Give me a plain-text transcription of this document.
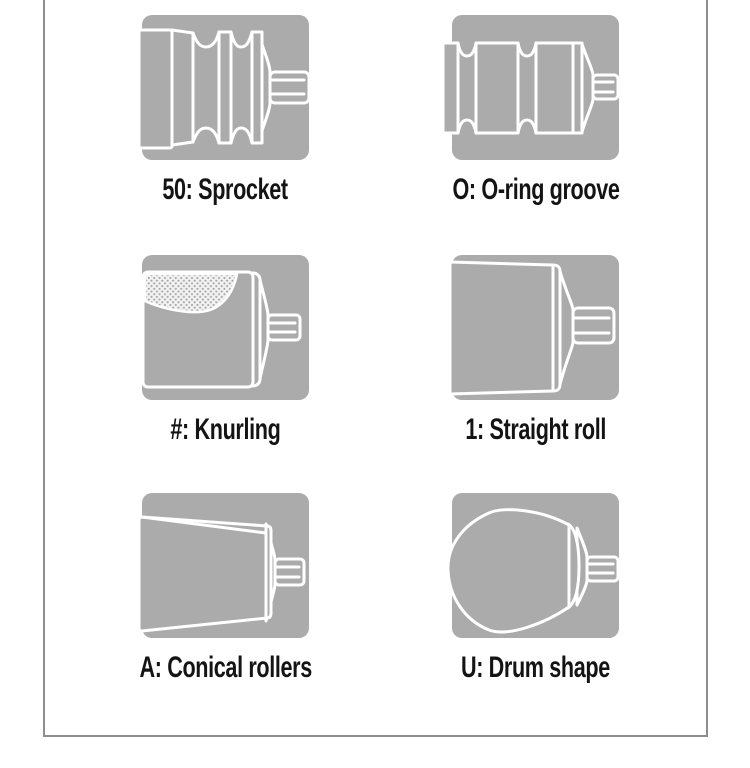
50: Sprocket	O: O-ring groove
#: Knurling	1: Straight roll
A: Conical rollers	U: Drum shape
